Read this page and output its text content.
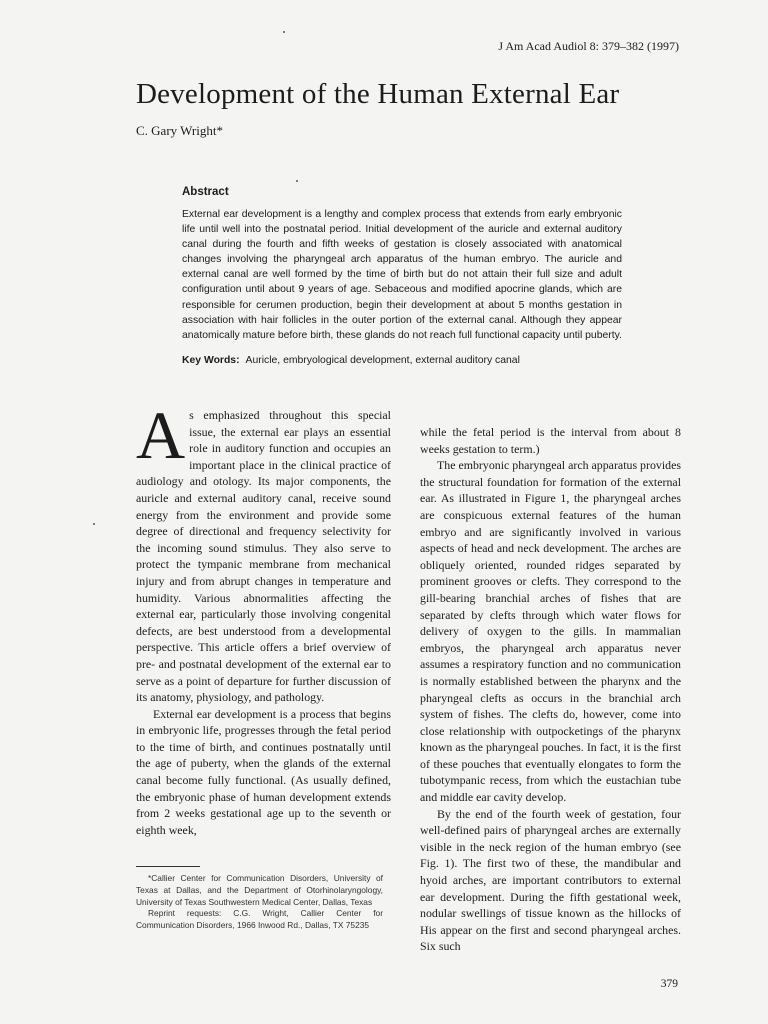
J Am Acad Audiol 8: 379–382 (1997)
Development of the Human External Ear
C. Gary Wright*
Abstract

External ear development is a lengthy and complex process that extends from early embryonic life until well into the postnatal period. Initial development of the auricle and external auditory canal during the fourth and fifth weeks of gestation is closely associated with anatomical changes involving the pharyngeal arch apparatus of the human embryo. The auricle and external canal are well formed by the time of birth but do not attain their full size and adult configuration until about 9 years of age. Sebaceous and modified apocrine glands, which are responsible for cerumen production, begin their development at about 5 months gestation in association with hair follicles in the outer portion of the external canal. Although they appear anatomically mature before birth, these glands do not reach full functional capacity until puberty.

Key Words: Auricle, embryological development, external auditory canal

As emphasized throughout this special issue, the external ear plays an essential role in auditory function and occupies an important place in the clinical practice of audiology and otology. Its major components, the auricle and external auditory canal, receive sound energy from the environment and provide some degree of directional and frequency selectivity for the incoming sound stimulus. They also serve to protect the tympanic membrane from mechanical injury and from abrupt changes in temperature and humidity. Various abnormalities affecting the external ear, particularly those involving congenital defects, are best understood from a developmental perspective. This article offers a brief overview of pre- and postnatal development of the external ear to serve as a point of departure for further discussion of its anatomy, physiology, and pathology.

External ear development is a process that begins in embryonic life, progresses through the fetal period to the time of birth, and continues postnatally until the age of puberty, when the glands of the external canal become fully functional. (As usually defined, the embryonic phase of human development extends from 2 weeks gestational age up to the seventh or eighth week,

while the fetal period is the interval from about 8 weeks gestation to term.)

The embryonic pharyngeal arch apparatus provides the structural foundation for formation of the external ear. As illustrated in Figure 1, the pharyngeal arches are conspicuous external features of the human embryo and are significantly involved in various aspects of head and neck development. The arches are obliquely oriented, rounded ridges separated by prominent grooves or clefts. They correspond to the gill-bearing branchial arches of fishes that are separated by clefts through which water flows for delivery of oxygen to the gills. In mammalian embryos, the pharyngeal arch apparatus never assumes a respiratory function and no communication is normally established between the pharynx and the pharyngeal clefts as occurs in the branchial arch system of fishes. The clefts do, however, come into close relationship with outpocketings of the pharynx known as the pharyngeal pouches. In fact, it is the first of these pouches that eventually elongates to form the tubotympanic recess, from which the eustachian tube and middle ear cavity develop.

By the end of the fourth week of gestation, four well-defined pairs of pharyngeal arches are externally visible in the neck region of the human embryo (see Fig. 1). The first two of these, the mandibular and hyoid arches, are important contributors to external ear development. During the fifth gestational week, nodular swellings of tissue known as the hillocks of His appear on the first and second pharyngeal arches. Six such

*Callier Center for Communication Disorders, University of Texas at Dallas, and the Department of Otorhinolaryngology, University of Texas Southwestern Medical Center, Dallas, Texas

Reprint requests: C.G. Wright, Callier Center for Communication Disorders, 1966 Inwood Rd., Dallas, TX 75235

379
